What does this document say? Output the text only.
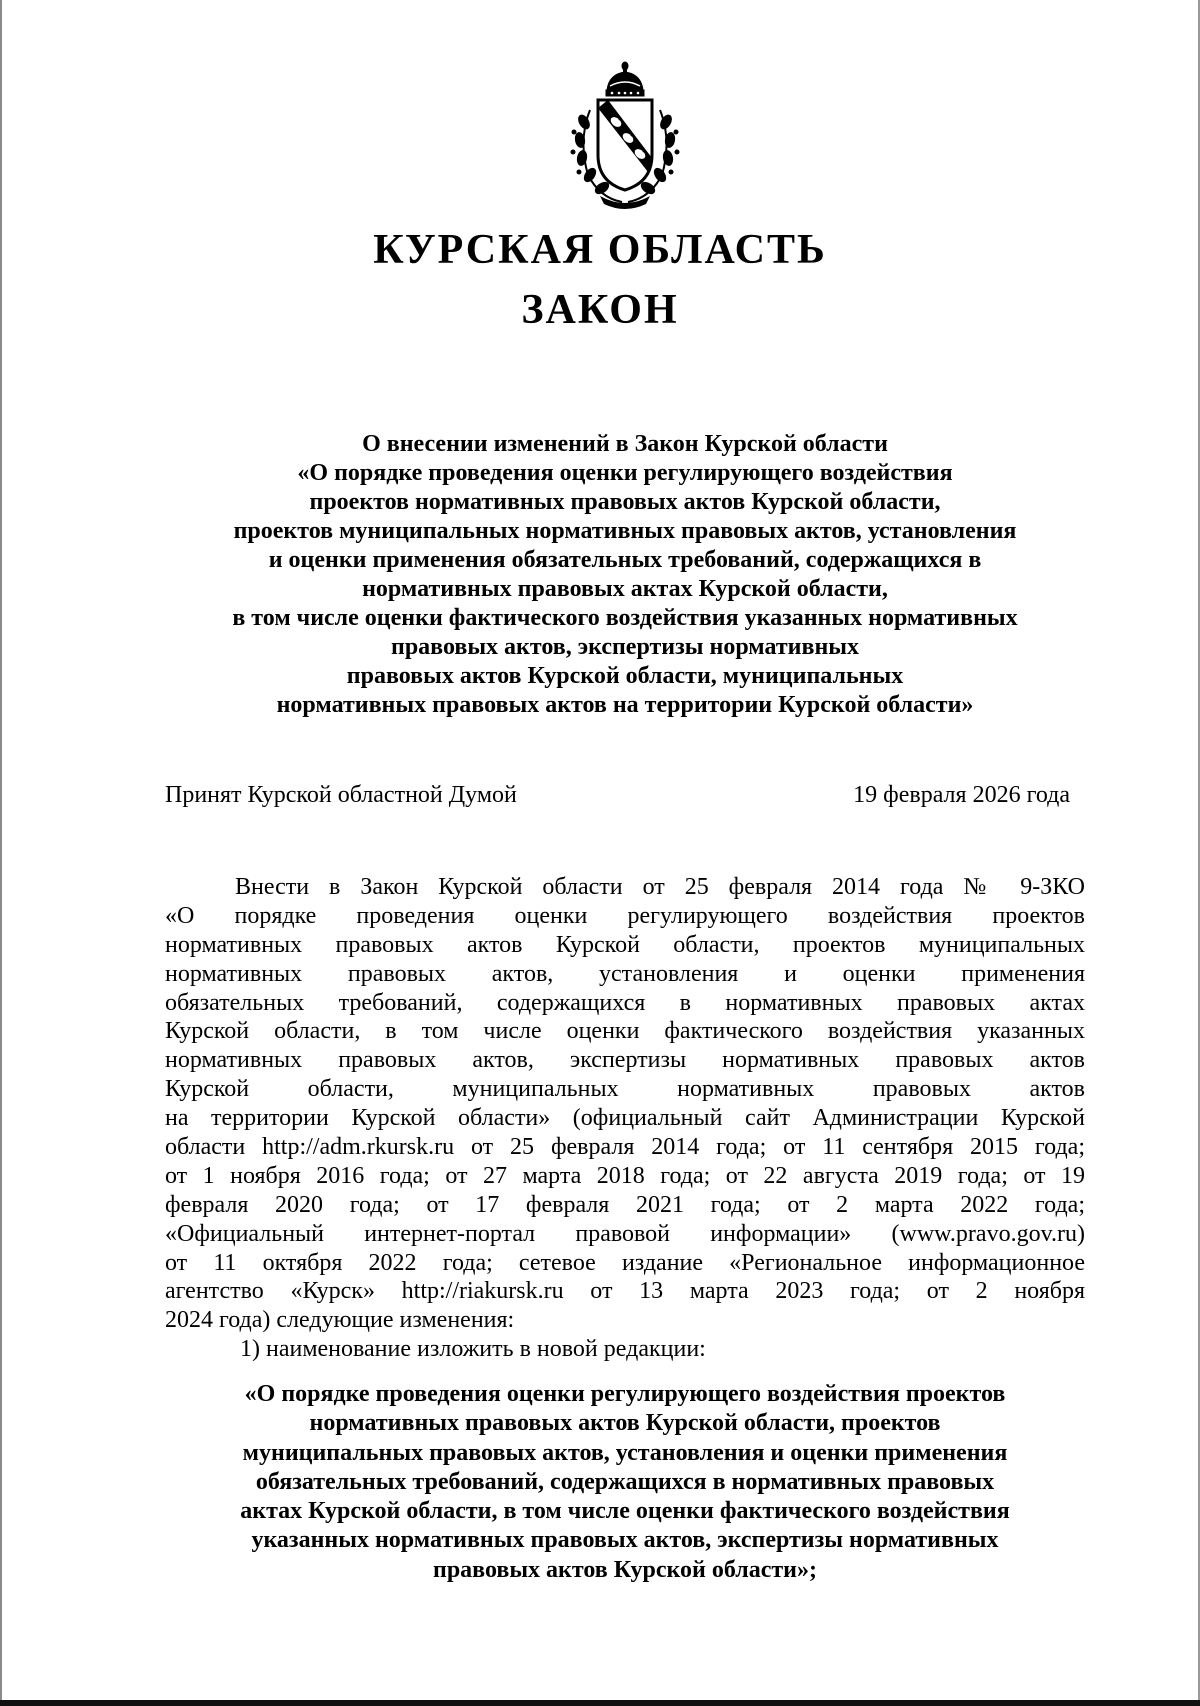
КУРСКАЯ ОБЛАСТЬ
ЗАКОН
О внесении изменений в Закон Курской области
«О порядке проведения оценки регулирующего воздействия
проектов нормативных правовых актов Курской области,
проектов муниципальных нормативных правовых актов, установления
и оценки применения обязательных требований, содержащихся в
нормативных правовых актах Курской области,
в том числе оценки фактического воздействия указанных нормативных
правовых актов, экспертизы нормативных
правовых актов Курской области, муниципальных
нормативных правовых актов на территории Курской области»
Принят Курской областной Думой	19 февраля 2026 года
Внести в Закон Курской области от 25 февраля 2014 года № 9-ЗКО
«О порядке проведения оценки регулирующего воздействия проектов
нормативных правовых актов Курской области, проектов муниципальных
нормативных правовых актов, установления и оценки применения
обязательных требований, содержащихся в нормативных правовых актах
Курской области, в том числе оценки фактического воздействия указанных
нормативных правовых актов, экспертизы нормативных правовых актов
Курской области, муниципальных нормативных правовых актов
на территории Курской области» (официальный сайт Администрации Курской
области http://adm.rkursk.ru от 25 февраля 2014 года; от 11 сентября 2015 года;
от 1 ноября 2016 года; от 27 марта 2018 года; от 22 августа 2019 года; от 19
февраля 2020 года; от 17 февраля 2021 года; от 2 марта 2022 года;
«Официальный интернет-портал правовой информации» (www.pravo.gov.ru)
от 11 октября 2022 года; сетевое издание «Региональное информационное
агентство «Курск» http://riakursk.ru от 13 марта 2023 года; от 2 ноября
2024 года) следующие изменения:
1) наименование изложить в новой редакции:
«О порядке проведения оценки регулирующего воздействия проектов
нормативных правовых актов Курской области, проектов
муниципальных правовых актов, установления и оценки применения
обязательных требований, содержащихся в нормативных правовых
актах Курской области, в том числе оценки фактического воздействия
указанных нормативных правовых актов, экспертизы нормативных
правовых актов Курской области»;
